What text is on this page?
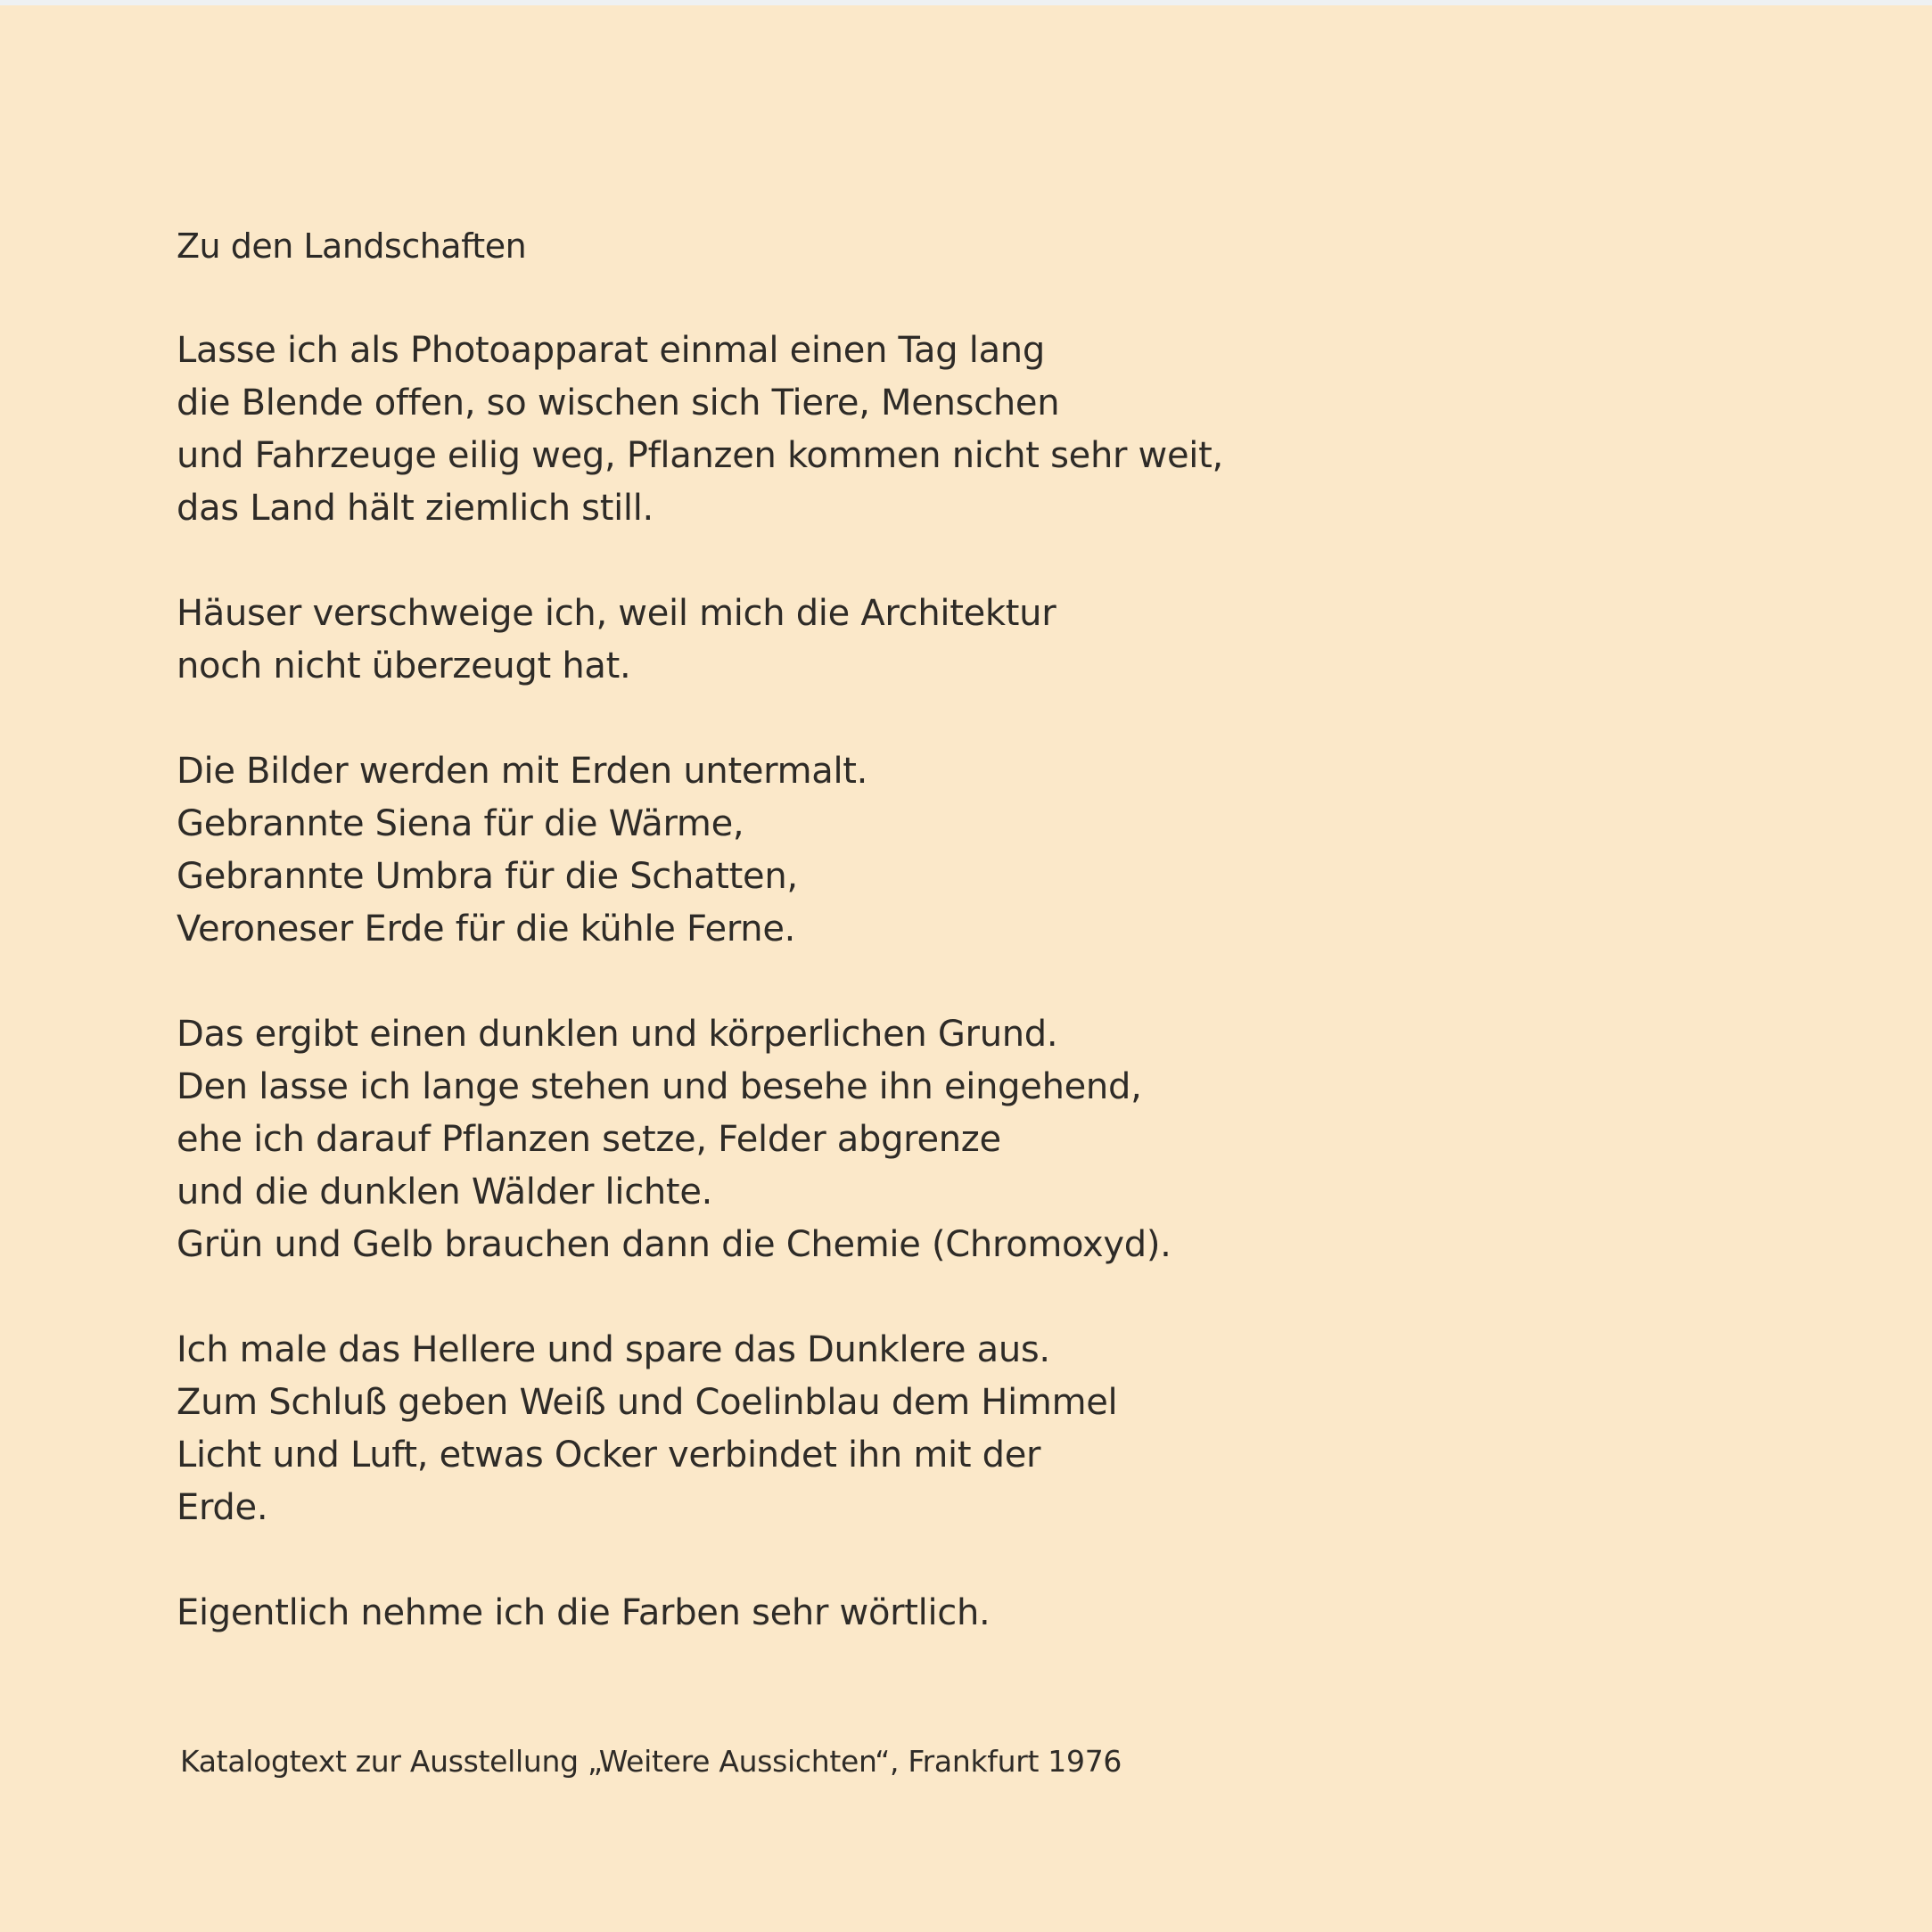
Zu den Landschaften
Lasse ich als Photoapparat einmal einen Tag lang
die Blende offen, so wischen sich Tiere, Menschen
und Fahrzeuge eilig weg, Pflanzen kommen nicht sehr weit,
das Land hält ziemlich still.
Häuser verschweige ich, weil mich die Architektur
noch nicht überzeugt hat.
Die Bilder werden mit Erden untermalt.
Gebrannte Siena für die Wärme,
Gebrannte Umbra für die Schatten,
Veroneser Erde für die kühle Ferne.
Das ergibt einen dunklen und körperlichen Grund.
Den lasse ich lange stehen und besehe ihn eingehend,
ehe ich darauf Pflanzen setze, Felder abgrenze
und die dunklen Wälder lichte.
Grün und Gelb brauchen dann die Chemie (Chromoxyd).
Ich male das Hellere und spare das Dunklere aus.
Zum Schluß geben Weiß und Coelinblau dem Himmel
Licht und Luft, etwas Ocker verbindet ihn mit der
Erde.
Eigentlich nehme ich die Farben sehr wörtlich.
Katalogtext zur Ausstellung „Weitere Aussichten“, Frankfurt 1976
